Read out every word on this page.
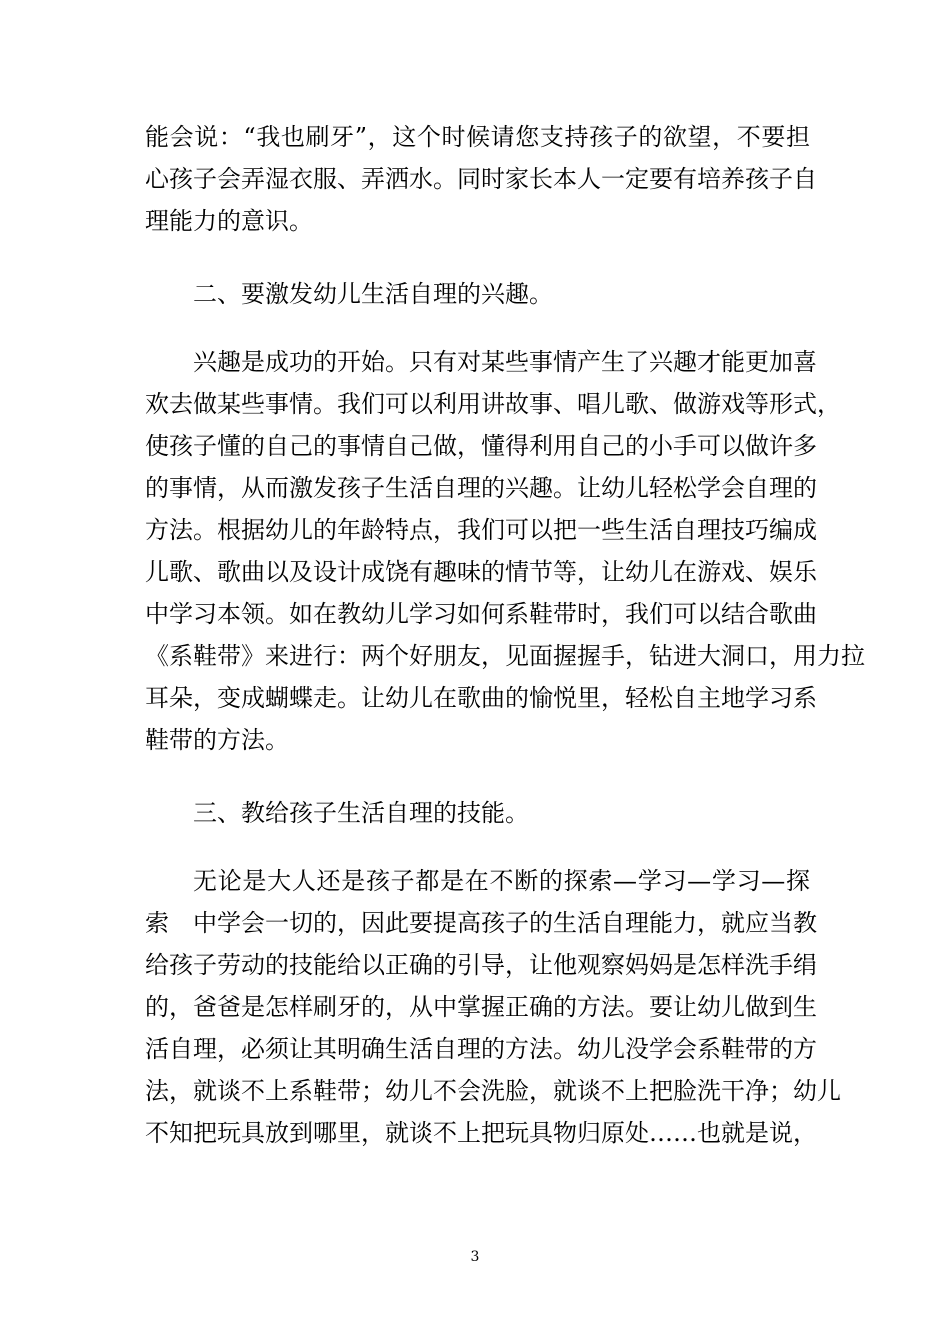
能会说：“我也刷牙”，这个时候请您支持孩子的欲望，不要担
心孩子会弄湿衣服、弄洒水。同时家长本人一定要有培养孩子自
理能力的意识。
二、要激发幼儿生活自理的兴趣。
兴趣是成功的开始。只有对某些事情产生了兴趣才能更加喜
欢去做某些事情。我们可以利用讲故事、唱儿歌、做游戏等形式，
使孩子懂的自己的事情自己做，懂得利用自己的小手可以做许多
的事情，从而激发孩子生活自理的兴趣。让幼儿轻松学会自理的
方法。根据幼儿的年龄特点，我们可以把一些生活自理技巧编成
儿歌、歌曲以及设计成饶有趣味的情节等，让幼儿在游戏、娱乐
中学习本领。如在教幼儿学习如何系鞋带时，我们可以结合歌曲
《系鞋带》来进行：两个好朋友，见面握握手，钻进大洞口，用力拉
耳朵，变成蝴蝶走。让幼儿在歌曲的愉悦里，轻松自主地学习系
鞋带的方法。
三、教给孩子生活自理的技能。
无论是大人还是孩子都是在不断的探索—学习—学习—探
索　中学会一切的，因此要提高孩子的生活自理能力，就应当教
给孩子劳动的技能给以正确的引导，让他观察妈妈是怎样洗手绢
的，爸爸是怎样刷牙的，从中掌握正确的方法。要让幼儿做到生
活自理，必须让其明确生活自理的方法。幼儿没学会系鞋带的方
法，就谈不上系鞋带；幼儿不会洗脸，就谈不上把脸洗干净；幼儿
不知把玩具放到哪里，就谈不上把玩具物归原处……也就是说，
3
